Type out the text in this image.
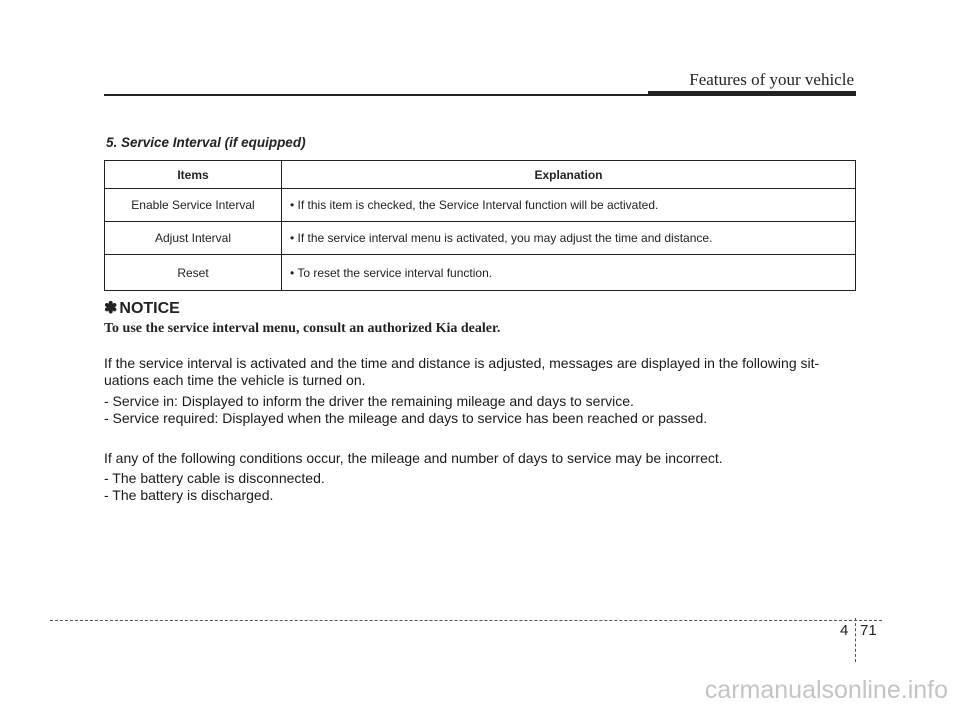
Features of your vehicle
5. Service Interval (if equipped)
Items	Explanation
Enable Service Interval	• If this item is checked, the Service Interval function will be activated.
Adjust Interval	• If the service interval menu is activated, you may adjust the time and distance.
Reset	• To reset the service interval function.
✽ NOTICE
To use the service interval menu, consult an authorized Kia dealer.
If the service interval is activated and the time and distance is adjusted, messages are displayed in the following sit-uations each time the vehicle is turned on.
- Service in: Displayed to inform the driver the remaining mileage and days to service.
- Service required: Displayed when the mileage and days to service has been reached or passed.
If any of the following conditions occur, the mileage and number of days to service may be incorrect.
- The battery cable is disconnected.
- The battery is discharged.
4 71
carmanualsonline.info
